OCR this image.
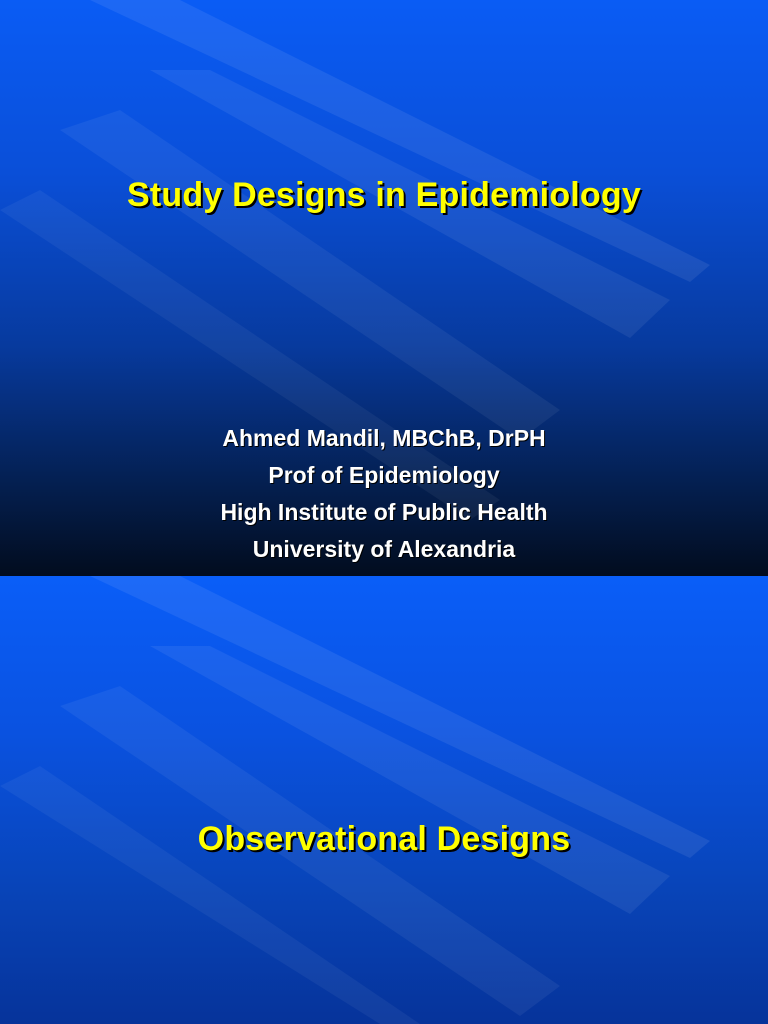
Study Designs in Epidemiology
Ahmed Mandil, MBChB, DrPH
Prof of Epidemiology
High Institute of Public Health
University of Alexandria
Observational Designs
